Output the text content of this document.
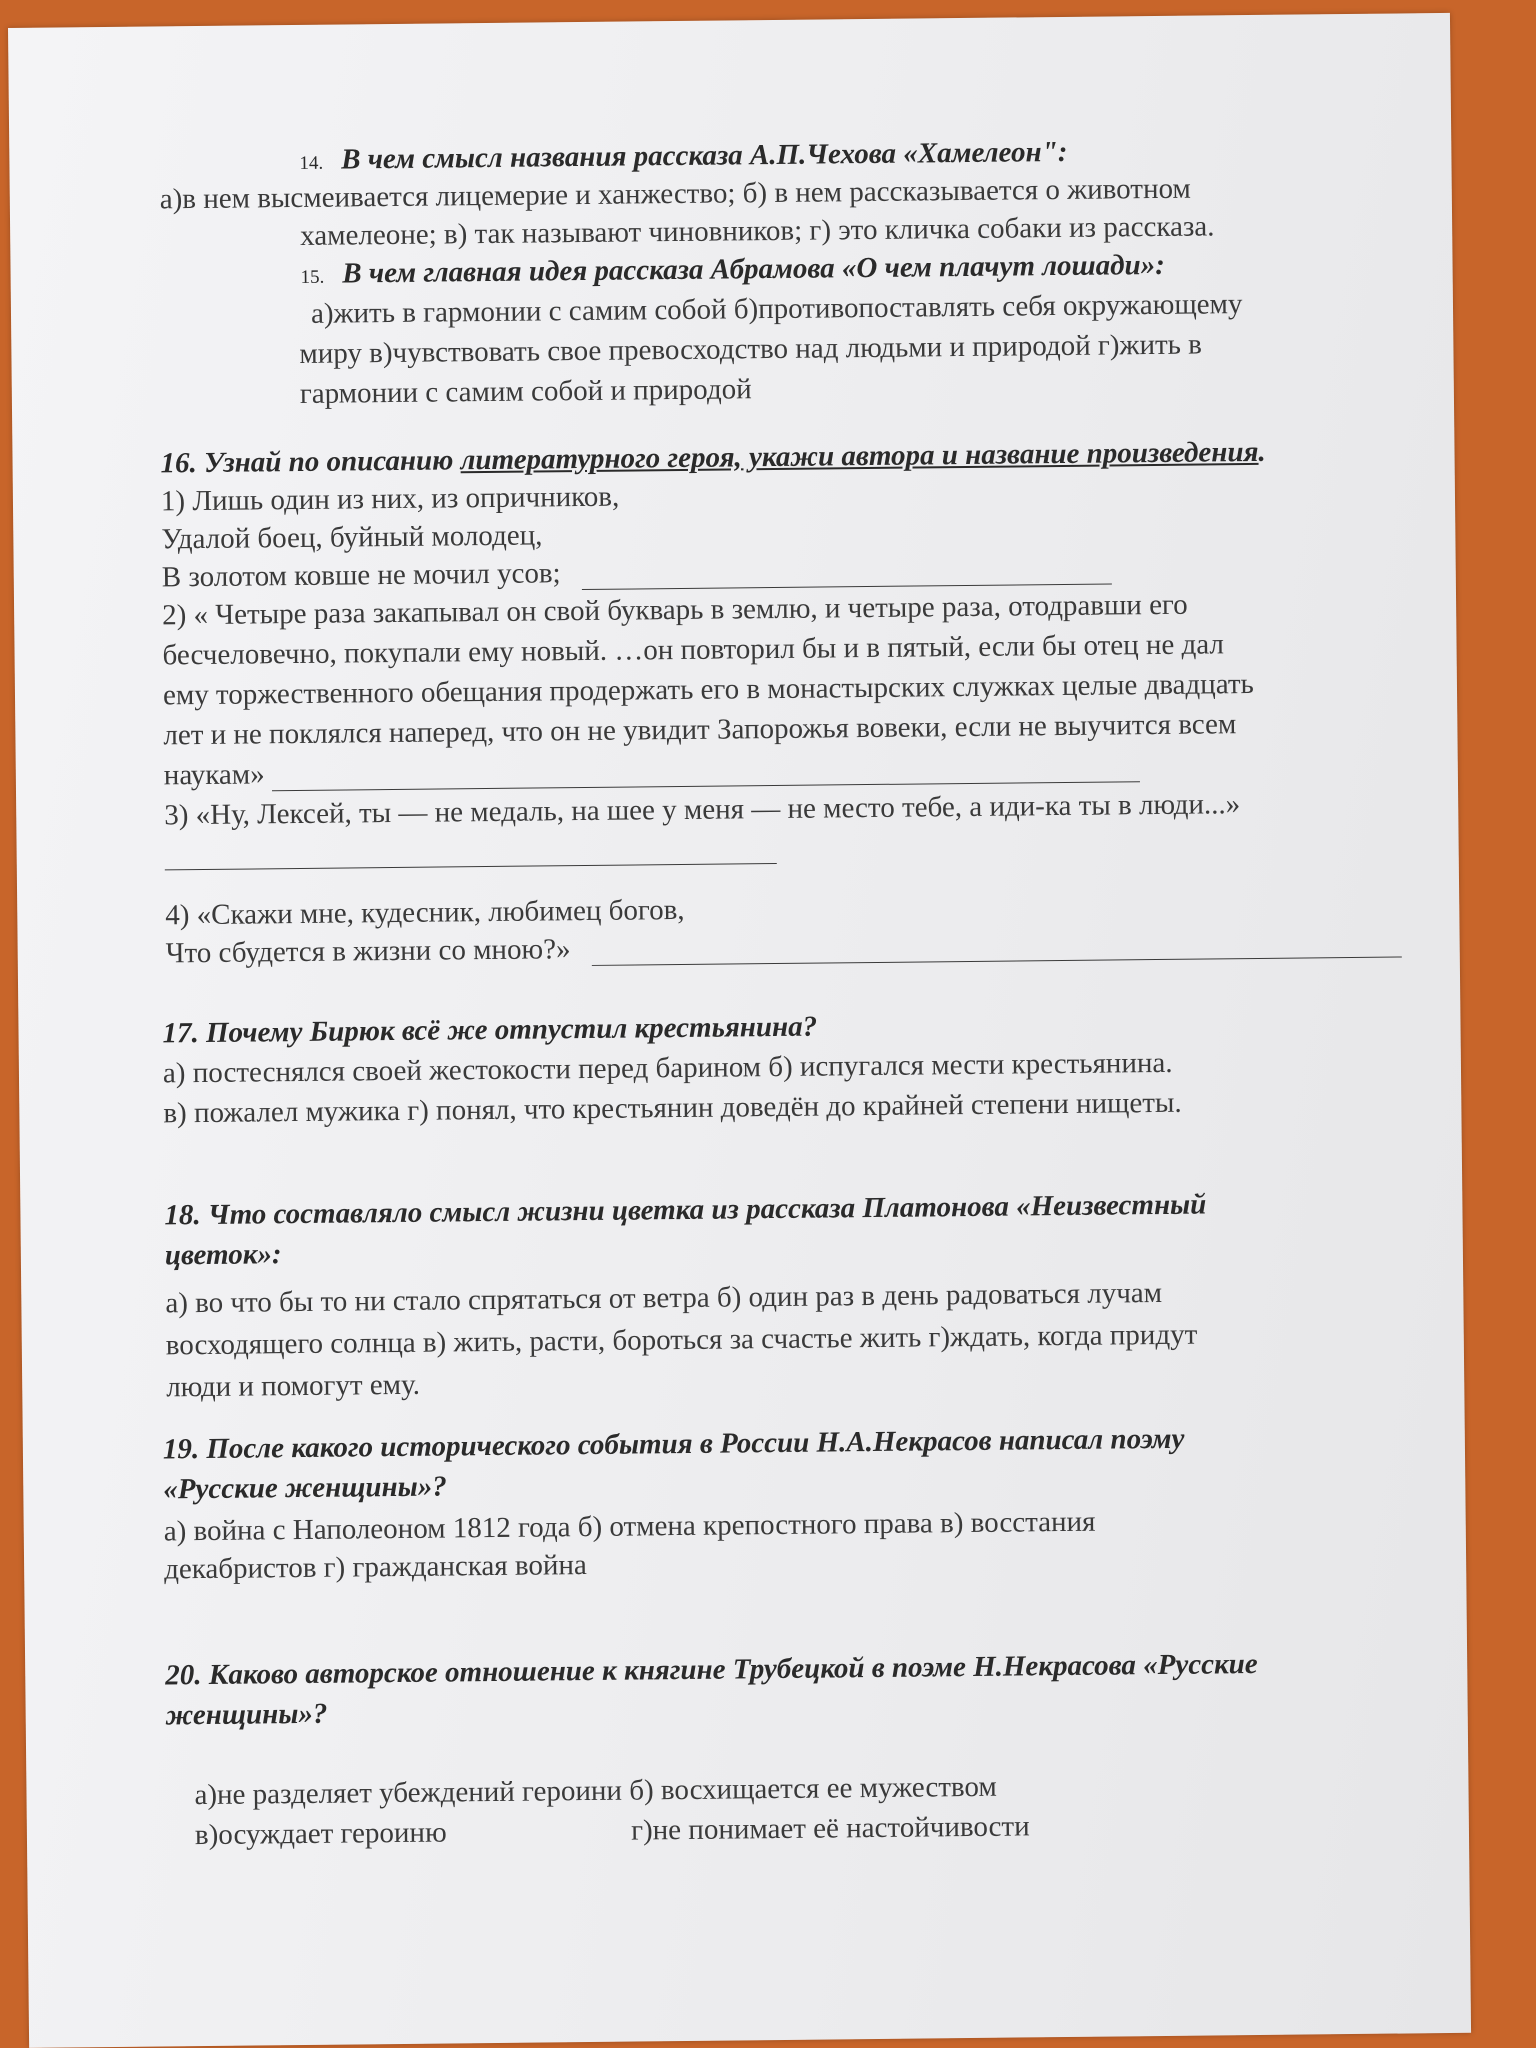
14. В чем смысл названия рассказа А.П.Чехова «Хамелеон":
а)в нем высмеивается лицемерие и ханжество; б) в нем рассказывается о животном
хамелеоне; в) так называют чиновников; г) это кличка собаки из рассказа.
15. В чем главная идея рассказа Абрамова «О чем плачут лошади»:
а)жить в гармонии с самим собой б)противопоставлять себя окружающему
миру в)чувствовать свое превосходство над людьми и природой г)жить в
гармонии с самим собой и природой
16. Узнай по описанию литературного героя, укажи автора и название произведения.
1) Лишь один из них, из опричников,
Удалой боец, буйный молодец,
В золотом ковше не мочил усов;
2) « Четыре раза закапывал он свой букварь в землю, и четыре раза, отодравши его
бесчеловечно, покупали ему новый. …он повторил бы и в пятый, если бы отец не дал
ему торжественного обещания продержать его в монастырских служках целые двадцать
лет и не поклялся наперед, что он не увидит Запорожья вовеки, если не выучится всем
наукам»
3) «Ну, Лексей, ты — не медаль, на шее у меня — не место тебе, а иди-ка ты в люди...»
4) «Скажи мне, кудесник, любимец богов,
Что сбудется в жизни со мною?»
17. Почему Бирюк всё же отпустил крестьянина?
а) постеснялся своей жестокости перед барином б) испугался мести крестьянина.
в) пожалел мужика г) понял, что крестьянин доведён до крайней степени нищеты.
18. Что составляло смысл жизни цветка из рассказа Платонова «Неизвестный
цветок»:
а) во что бы то ни стало спрятаться от ветра б) один раз в день радоваться лучам
восходящего солнца в) жить, расти, бороться за счастье жить г)ждать, когда придут
люди и помогут ему.
19. После какого исторического события в России Н.А.Некрасов написал поэму
«Русские женщины»?
а) война с Наполеоном 1812 года б) отмена крепостного права в) восстания
декабристов г) гражданская война
20. Каково авторское отношение к княгине Трубецкой в поэме Н.Некрасова «Русские
женщины»?
а)не разделяет убеждений героини б) восхищается ее мужеством
в)осуждает героиню	г)не понимает её настойчивости
